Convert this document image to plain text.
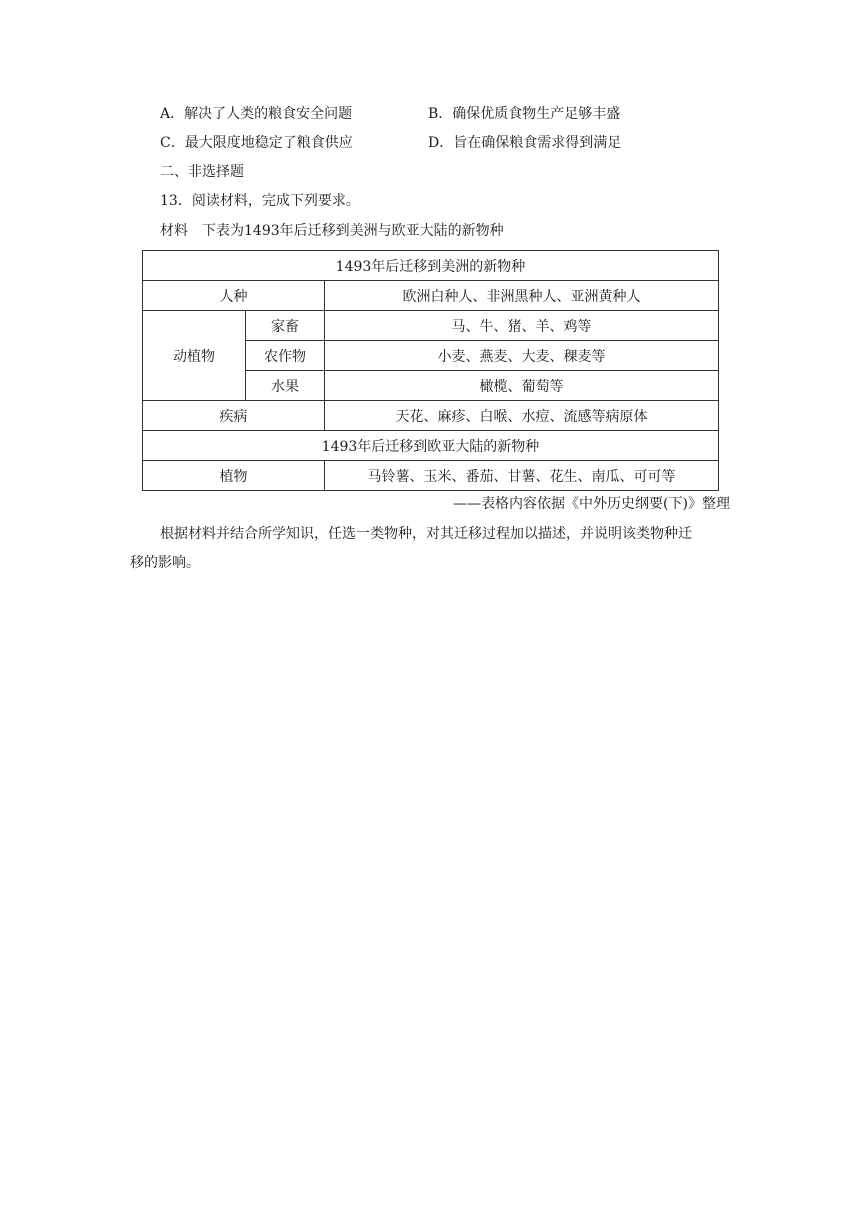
A．解决了人类的粮食安全问题	B．确保优质食物生产足够丰盛
C．最大限度地稳定了粮食供应	D．旨在确保粮食需求得到满足
二、非选择题
13．阅读材料，完成下列要求。
材料　下表为1493年后迁移到美洲与欧亚大陆的新物种
1493年后迁移到美洲的新物种		
人种		欧洲白种人、非洲黑种人、亚洲黄种人
动植物	家畜	马、牛、猪、羊、鸡等
	农作物	小麦、燕麦、大麦、稞麦等
	水果	橄榄、葡萄等
疾病		天花、麻疹、白喉、水痘、流感等病原体
1493年后迁移到欧亚大陆的新物种		
植物		马铃薯、玉米、番茄、甘薯、花生、南瓜、可可等
——表格内容依据《中外历史纲要(下)》整理
根据材料并结合所学知识，任选一类物种，对其迁移过程加以描述，并说明该类物种迁
移的影响。
